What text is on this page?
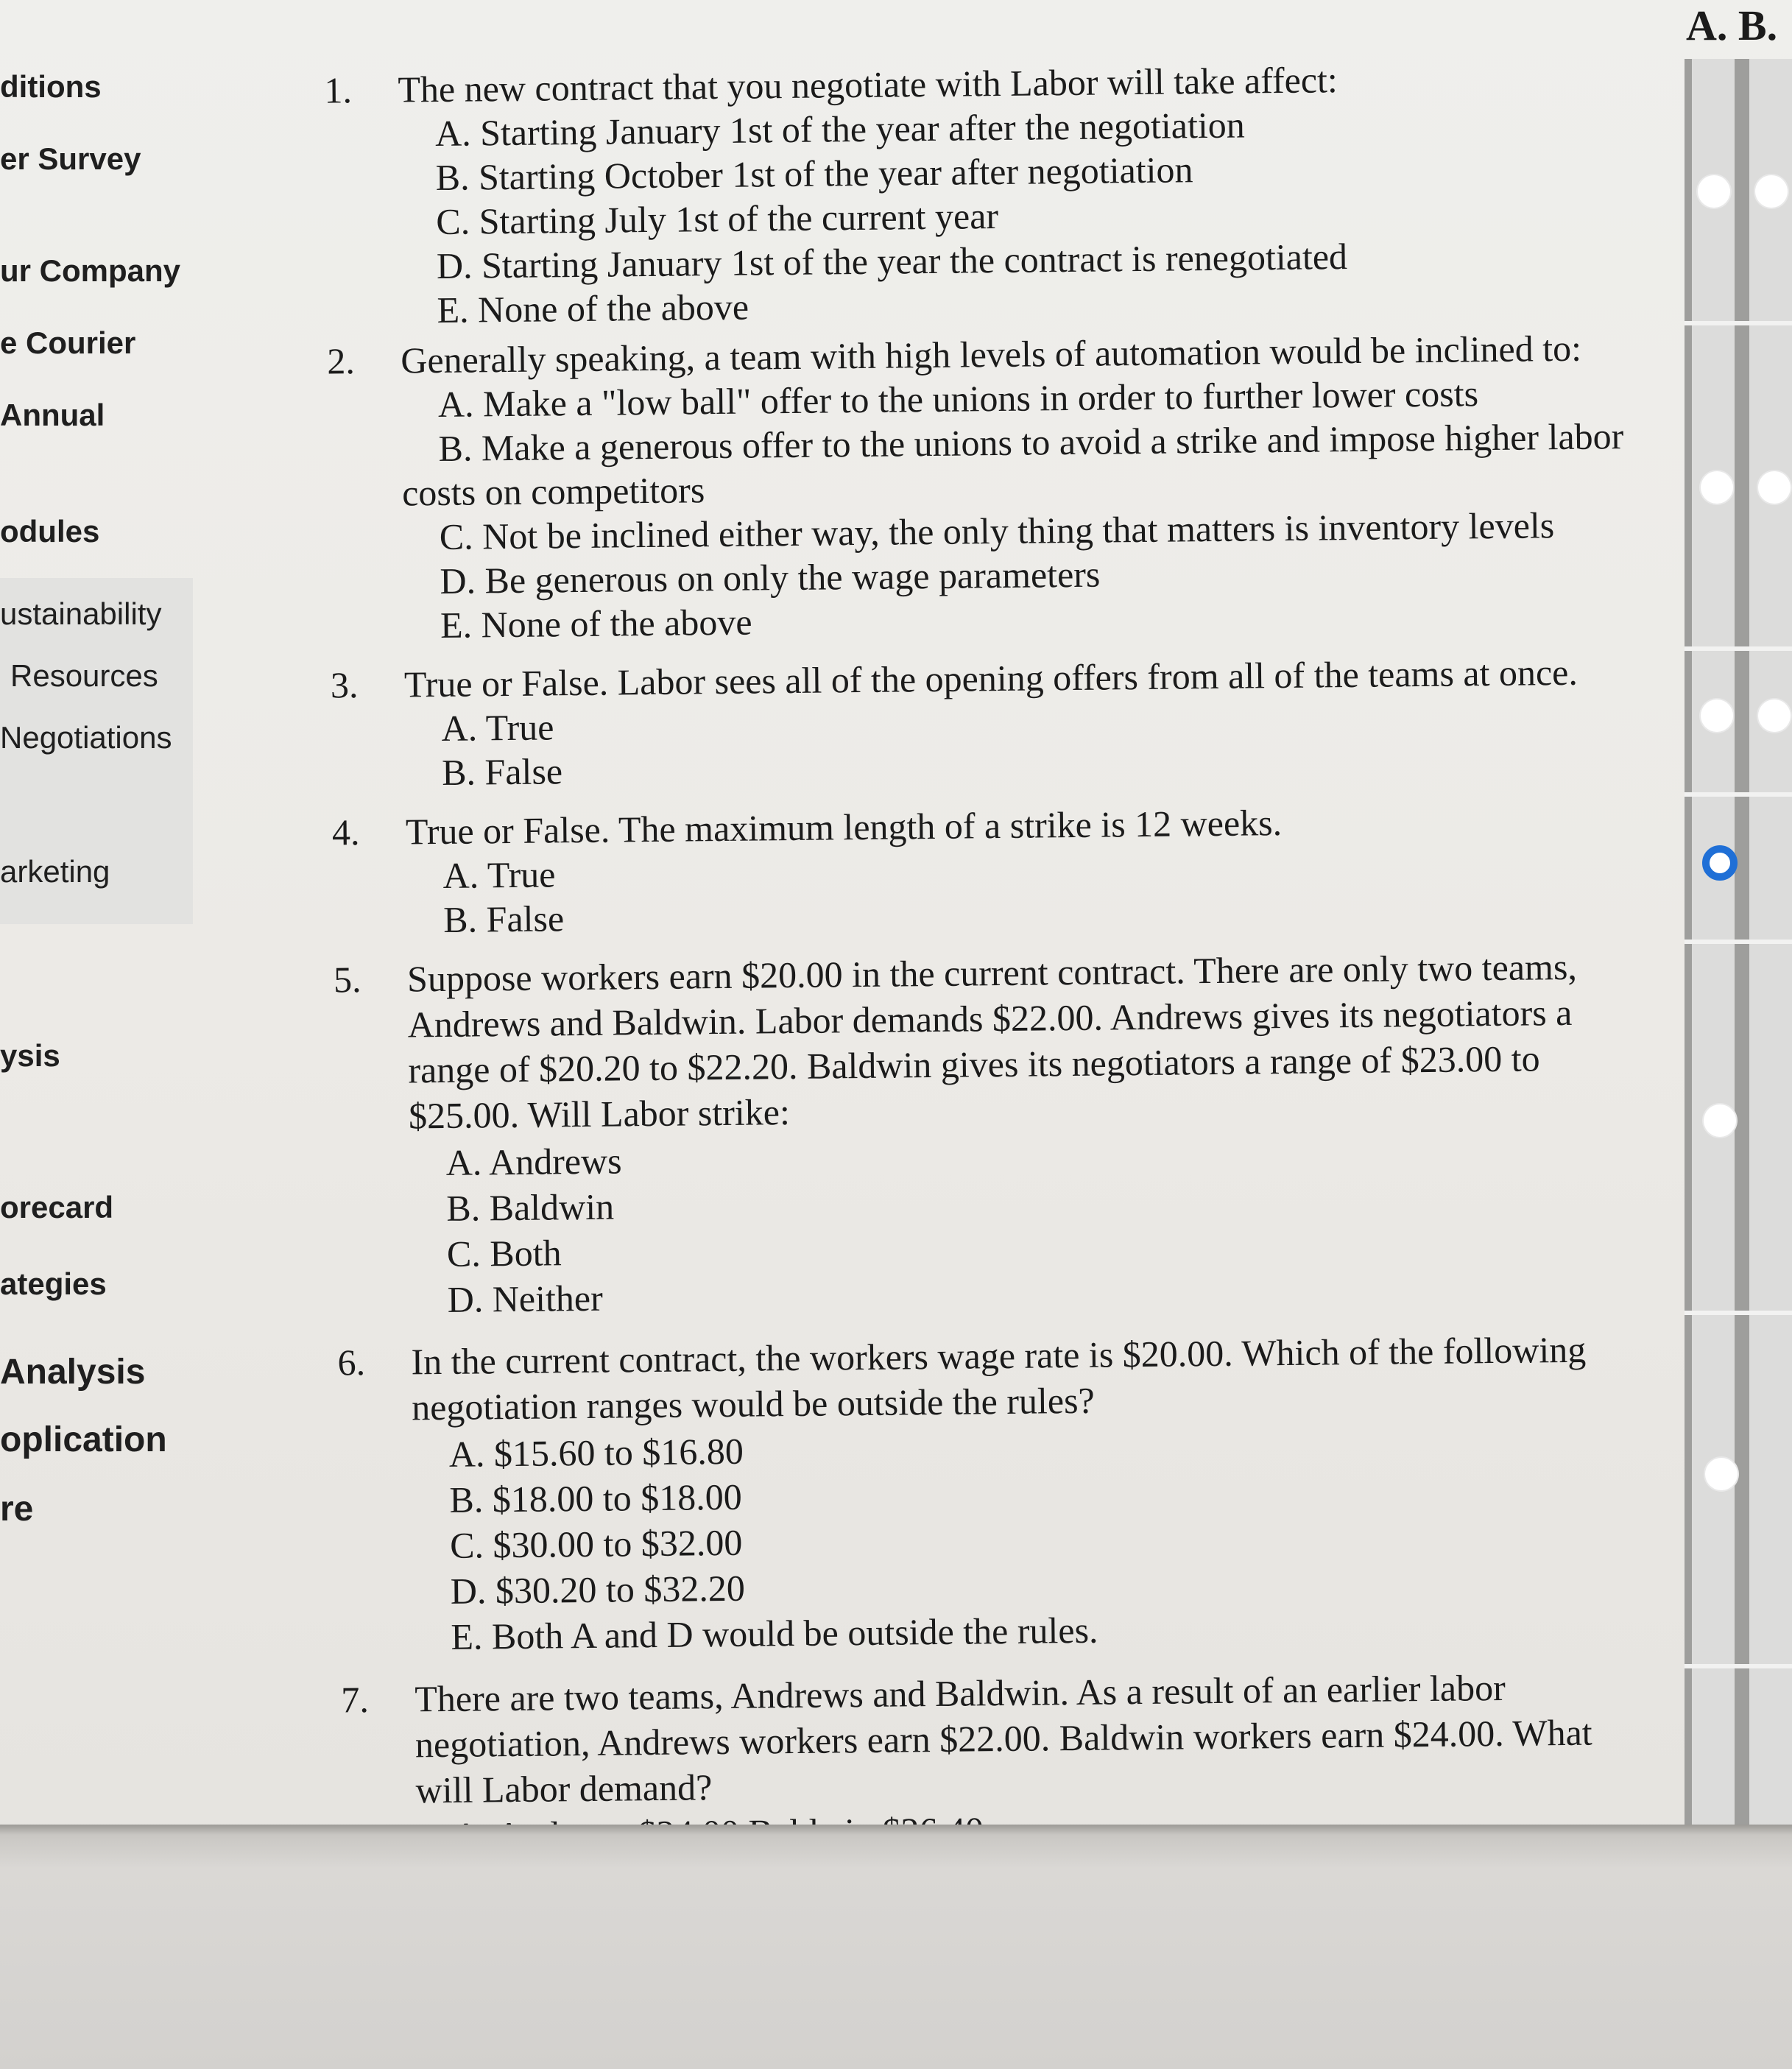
ditions
er Survey
ur Company
e Courier
Annual
odules
ustainability
Resources
Negotiations
arketing
ysis
orecard
ategies
Analysis
oplication
re
A. B.
1. The new contract that you negotiate with Labor will take affect:
A. Starting January 1st of the year after the negotiation
B. Starting October 1st of the year after negotiation
C. Starting July 1st of the current year
D. Starting January 1st of the year the contract is renegotiated
E. None of the above
2. Generally speaking, a team with high levels of automation would be inclined to:
A. Make a "low ball" offer to the unions in order to further lower costs
B. Make a generous offer to the unions to avoid a strike and impose higher labor
costs on competitors
C. Not be inclined either way, the only thing that matters is inventory levels
D. Be generous on only the wage parameters
E. None of the above
3. True or False. Labor sees all of the opening offers from all of the teams at once.
A. True
B. False
4. True or False. The maximum length of a strike is 12 weeks.
A. True
B. False
5. Suppose workers earn $20.00 in the current contract. There are only two teams,
Andrews and Baldwin. Labor demands $22.00. Andrews gives its negotiators a
range of $20.20 to $22.20. Baldwin gives its negotiators a range of $23.00 to
$25.00. Will Labor strike:
A. Andrews
B. Baldwin
C. Both
D. Neither
6. In the current contract, the workers wage rate is $20.00. Which of the following
negotiation ranges would be outside the rules?
A. $15.60 to $16.80
B. $18.00 to $18.00
C. $30.00 to $32.00
D. $30.20 to $32.20
E. Both A and D would be outside the rules.
7. There are two teams, Andrews and Baldwin. As a result of an earlier labor
negotiation, Andrews workers earn $22.00. Baldwin workers earn $24.00. What
will Labor demand?
